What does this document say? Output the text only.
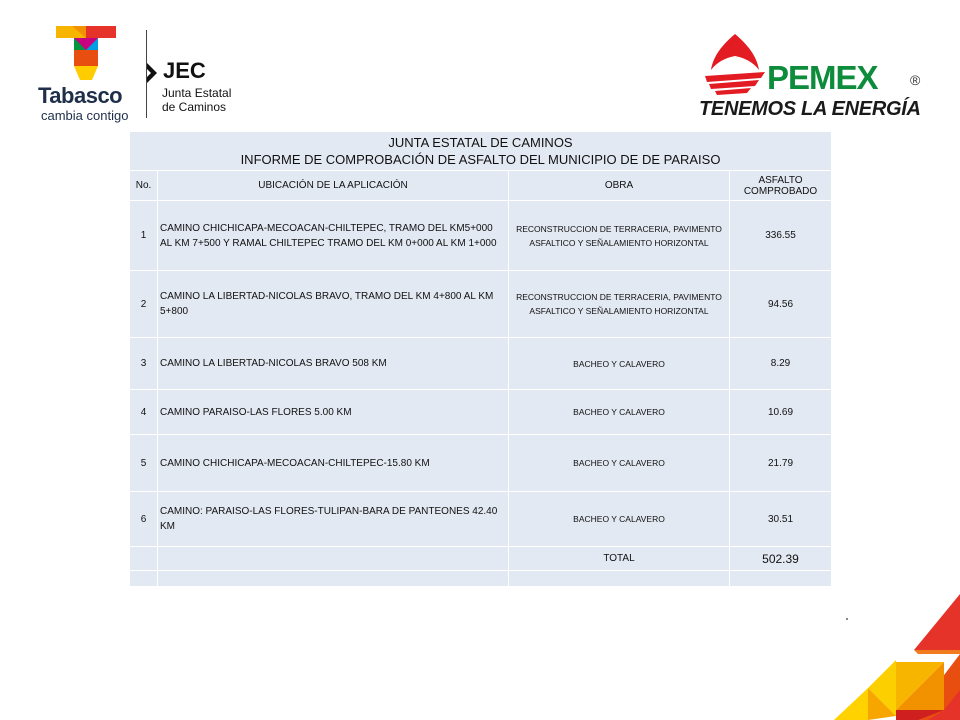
Tabasco
cambia contigo
JEC
Junta Estatal
de Caminos
PEMEX ®
TENEMOS LA ENERGÍA
JUNTA ESTATAL DE CAMINOS
INFORME DE COMPROBACIÓN DE ASFALTO DEL MUNICIPIO DE DE PARAISO			

No.	UBICACIÓN DE LA APLICACIÓN	OBRA	ASFALTO COMPROBADO
1	CAMINO CHICHICAPA-MECOACAN-CHILTEPEC, TRAMO DEL KM5+000 AL KM 7+500 Y RAMAL CHILTEPEC TRAMO DEL KM 0+000 AL KM 1+000	RECONSTRUCCION DE TERRACERIA, PAVIMENTO ASFALTICO Y SEÑALAMIENTO HORIZONTAL	336.55
2	CAMINO LA LIBERTAD-NICOLAS BRAVO, TRAMO DEL KM 4+800 AL KM 5+800	RECONSTRUCCION DE TERRACERIA, PAVIMENTO ASFALTICO Y SEÑALAMIENTO HORIZONTAL	94.56
3	CAMINO LA LIBERTAD-NICOLAS BRAVO 508 KM	BACHEO Y CALAVERO	8.29
4	CAMINO PARAISO-LAS FLORES 5.00 KM	BACHEO Y CALAVERO	10.69
5	CAMINO CHICHICAPA-MECOACAN-CHILTEPEC-15.80 KM	BACHEO Y CALAVERO	21.79
6	CAMINO: PARAISO-LAS FLORES-TULIPAN-BARA DE PANTEONES 42.40 KM	BACHEO Y CALAVERO	30.51
		TOTAL	502.39
